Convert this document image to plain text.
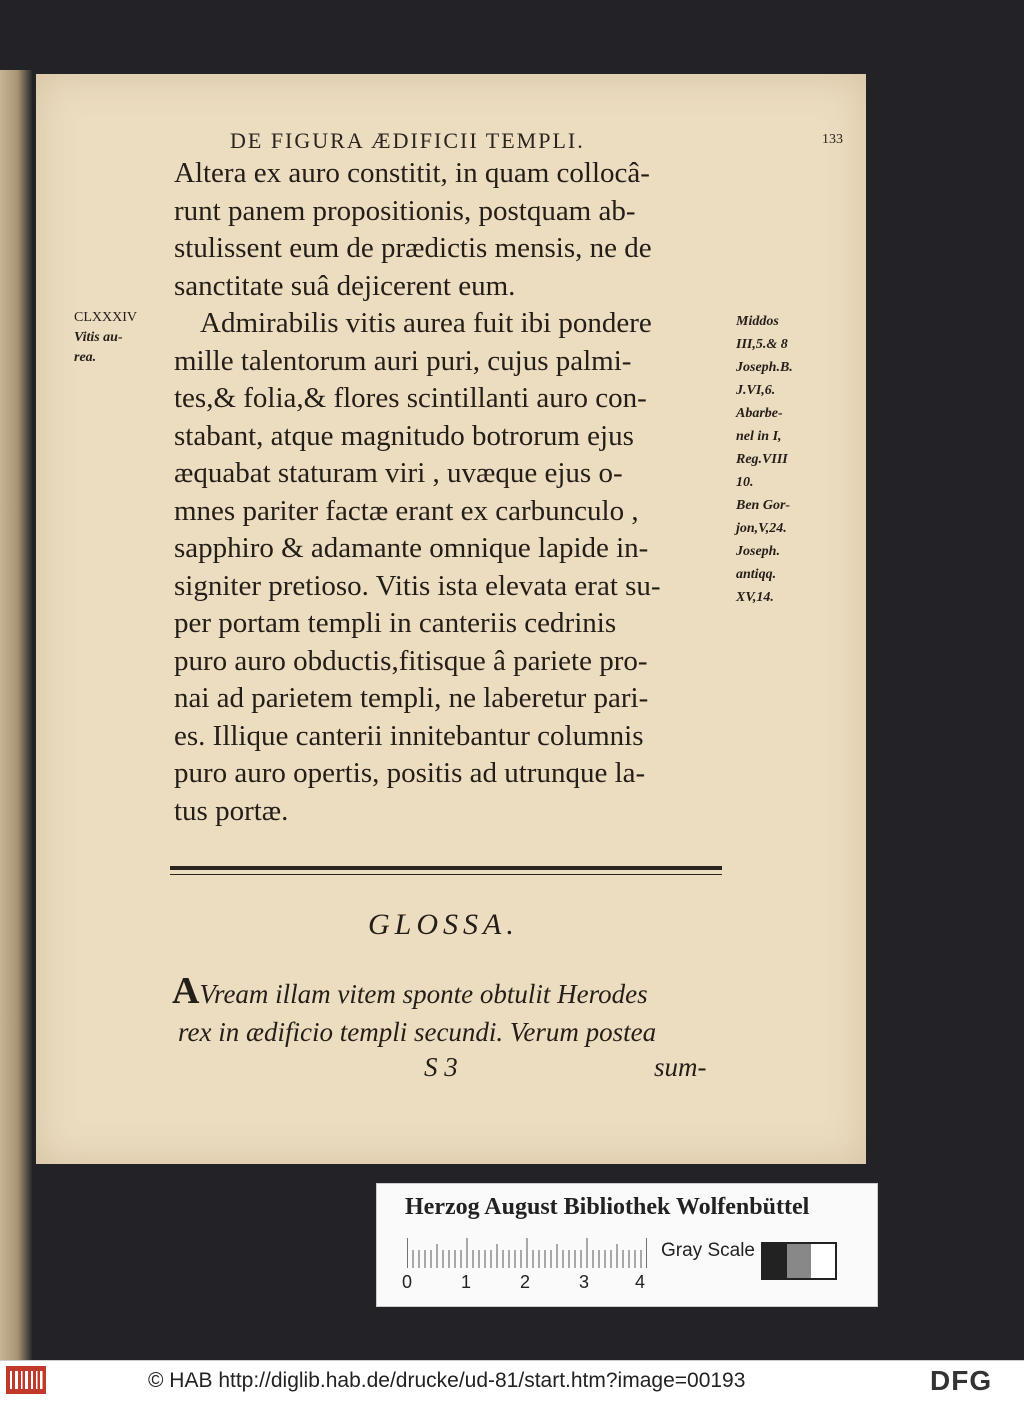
DE FIGURA ÆDIFICII TEMPLI.	133
Altera ex auro constitit, in quam collocâ-
runt panem propositionis, postquam ab-
stulissent eum de prædictis mensis, ne de
sanctitate suâ dejicerent eum.
Admirabilis vitis aurea fuit ibi pondere
mille talentorum auri puri, cujus palmi-
tes,& folia,& flores scintillanti auro con-
stabant, atque magnitudo botrorum ejus
æquabat staturam viri , uvæque ejus o-
mnes pariter factæ erant ex carbunculo ,
sapphiro & adamante omnique lapide in-
signiter pretioso. Vitis ista elevata erat su-
per portam templi in canteriis cedrinis
puro auro obductis,fitisque â pariete pro-
nai ad parietem templi, ne laberetur pari-
es. Illique canterii innitebantur columnis
puro auro opertis, positis ad utrunque la-
tus portæ.
CLXXXIV
Vitis au-
rea.
Middos
III,5.& 8
Joseph.B.
J.VI,6.
Abarbe-
nel in I,
Reg.VIII
10.
Ben Gor-
jon,V,24.
Joseph.
antiqq.
XV,14.
GLOSSA.
AVream illam vitem sponte obtulit Herodes
rex in ædificio templi secundi. Verum postea
S 3	sum-
Herzog August Bibliothek Wolfenbüttel
0	1	2	3	4
Gray Scale
© HAB http://diglib.hab.de/drucke/ud-81/start.htm?image=00193	DFG
